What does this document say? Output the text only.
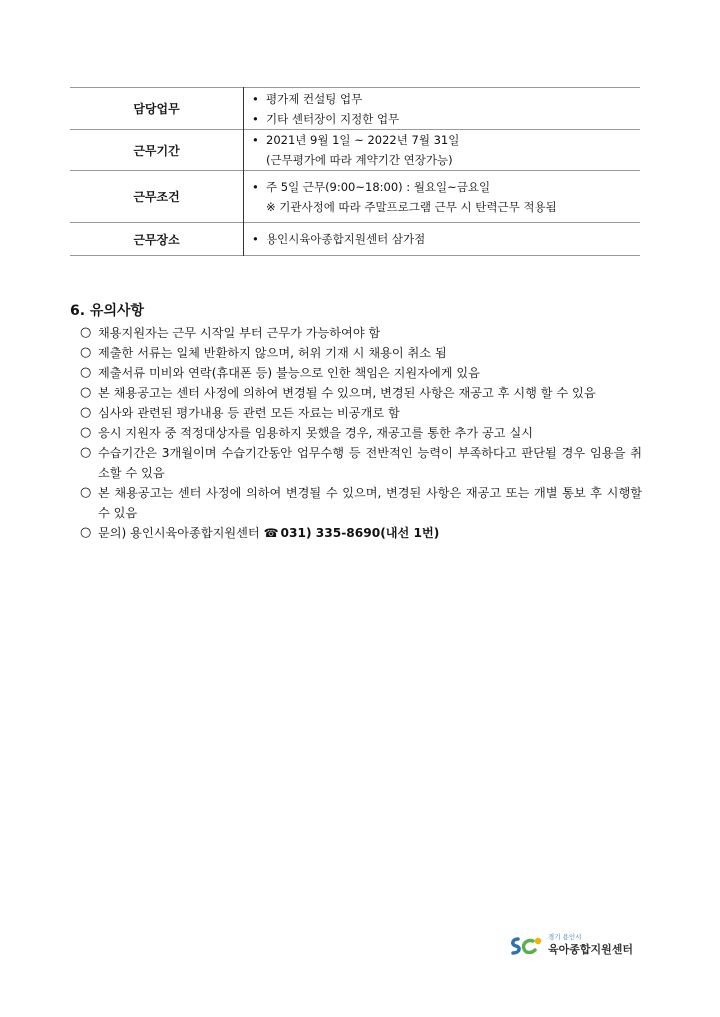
담당업무	• 평가제 컨설팅 업무
• 기타 센터장이 지정한 업무

근무기간	• 2021년 9월 1일 ~ 2022년 7월 31일
(근무평가에 따라 계약기간 연장가능)

근무조건	• 주 5일 근무(9:00~18:00) : 월요일~금요일
※ 기관사정에 따라 주말프로그램 근무 시 탄력근무 적용됨

근무장소	• 용인시육아종합지원센터 삼가점
6. 유의사항
○ 채용지원자는 근무 시작일 부터 근무가 가능하여야 함
○ 제출한 서류는 일체 반환하지 않으며, 허위 기재 시 채용이 취소 됨
○ 제출서류 미비와 연락(휴대폰 등) 불능으로 인한 책임은 지원자에게 있음
○ 본 채용공고는 센터 사정에 의하여 변경될 수 있으며, 변경된 사항은 재공고 후 시행 할 수 있음
○ 심사와 관련된 평가내용 등 관련 모든 자료는 비공개로 함
○ 응시 지원자 중 적정대상자를 임용하지 못했을 경우, 재공고를 통한 추가 공고 실시
○ 수습기간은 3개월이며 수습기간동안 업무수행 등 전반적인 능력이 부족하다고 판단될 경우 임용을 취소할 수 있음
○ 본 채용공고는 센터 사정에 의하여 변경될 수 있으며, 변경된 사항은 재공고 또는 개별 통보 후 시행할 수 있음
○ 문의) 용인시육아종합지원센터 ☎ 031) 335-8690(내선 1번)
경기 용인시
육아종합지원센터
